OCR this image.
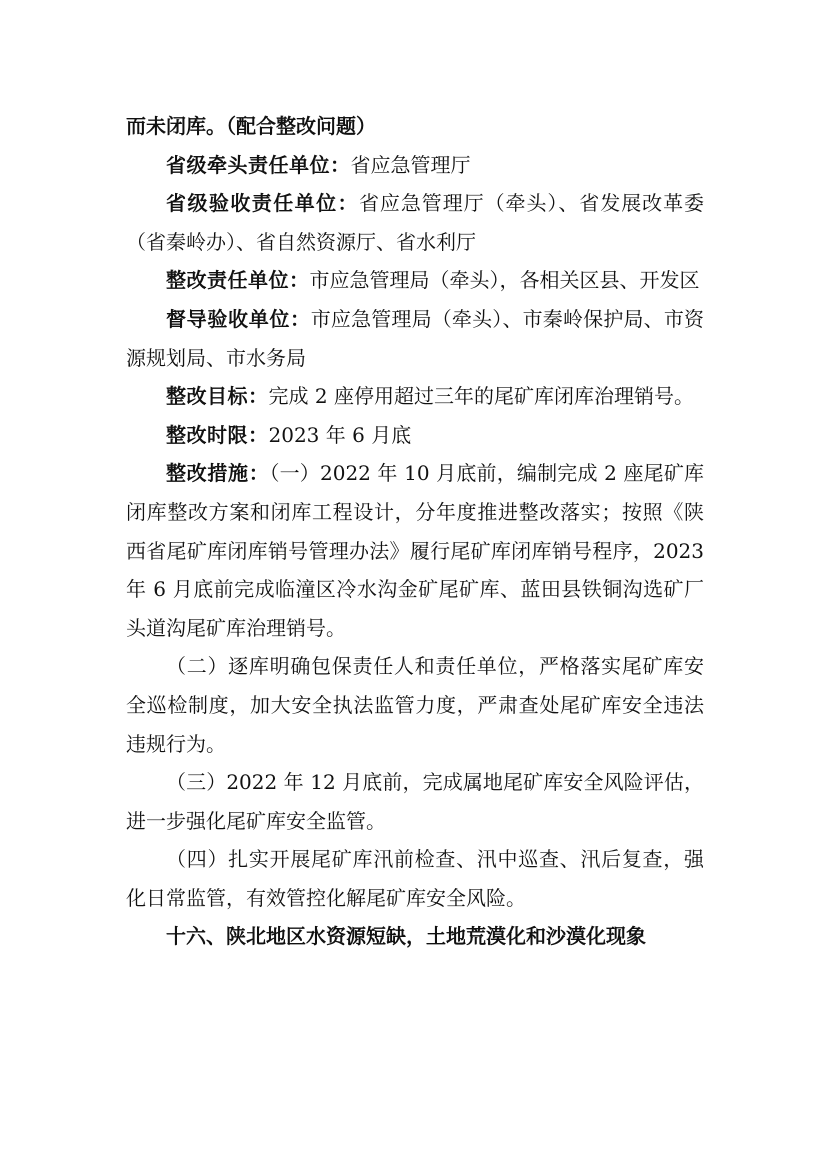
而未闭库。（配合整改问题）

省级牵头责任单位：省应急管理厅

省级验收责任单位：省应急管理厅（牵头）、省发展改革委（省秦岭办）、省自然资源厅、省水利厅

整改责任单位：市应急管理局（牵头），各相关区县、开发区

督导验收单位：市应急管理局（牵头）、市秦岭保护局、市资源规划局、市水务局

整改目标：完成 2 座停用超过三年的尾矿库闭库治理销号。

整改时限：2023 年 6 月底

整改措施：（一）2022 年 10 月底前，编制完成 2 座尾矿库闭库整改方案和闭库工程设计，分年度推进整改落实；按照《陕西省尾矿库闭库销号管理办法》履行尾矿库闭库销号程序，2023 年 6 月底前完成临潼区冷水沟金矿尾矿库、蓝田县铁铜沟选矿厂头道沟尾矿库治理销号。

（二）逐库明确包保责任人和责任单位，严格落实尾矿库安全巡检制度，加大安全执法监管力度，严肃查处尾矿库安全违法违规行为。

（三）2022 年 12 月底前，完成属地尾矿库安全风险评估，进一步强化尾矿库安全监管。

（四）扎实开展尾矿库汛前检查、汛中巡查、汛后复查，强化日常监管，有效管控化解尾矿库安全风险。

十六、陕北地区水资源短缺，土地荒漠化和沙漠化现象
